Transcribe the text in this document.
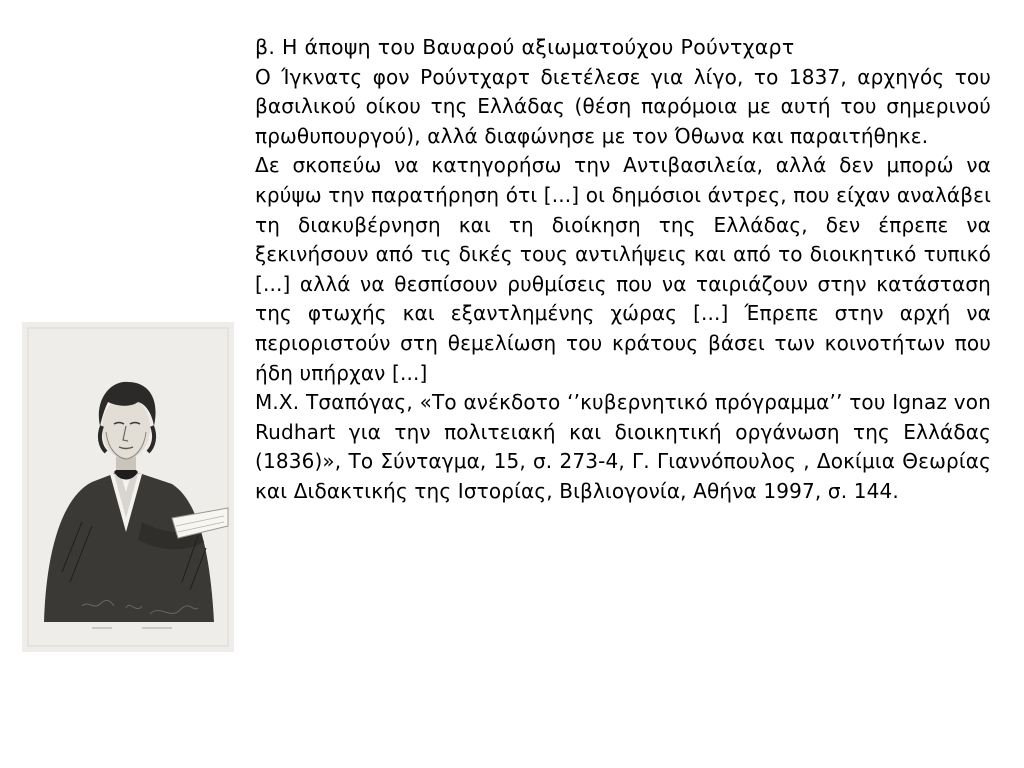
β. Η άποψη του Βαυαρού αξιωματούχου Ρούντχαρτ

Ο Ίγκνατς φον Ρούντχαρτ διετέλεσε για λίγο, το 1837, αρχηγός του βασιλικού οίκου της Ελλάδας (θέση παρόμοια με αυτή του σημερινού πρωθυπουργού), αλλά διαφώνησε με τον Όθωνα και παραιτήθηκε.

Δε σκοπεύω να κατηγορήσω την Αντιβασιλεία, αλλά δεν μπορώ να κρύψω την παρατήρηση ότι [...] οι δημόσιοι άντρες, που είχαν αναλάβει τη διακυβέρνηση και τη διοίκηση της Ελλάδας, δεν έπρεπε να ξεκινήσουν από τις δικές τους αντιλήψεις και από το διοικητικό τυπικό [...] αλλά να θεσπίσουν ρυθμίσεις που να ταιριάζουν στην κατάσταση της φτωχής και εξαντλημένης χώρας [...] Έπρεπε στην αρχή να περιοριστούν στη θεμελίωση του κράτους βάσει των κοινοτήτων που ήδη υπήρχαν [...]

Μ.Χ. Τσαπόγας, «Το ανέκδοτο ‘’κυβερνητικό πρόγραμμα’’ του Ignaz von Rudhart για την πολιτειακή και διοικητική οργάνωση της Ελλάδας (1836)», Το Σύνταγμα, 15, σ. 273-4, Γ. Γιαννόπουλος , Δοκίμια Θεωρίας και Διδακτικής της Ιστορίας, Βιβλιογονία, Αθήνα 1997, σ. 144.
